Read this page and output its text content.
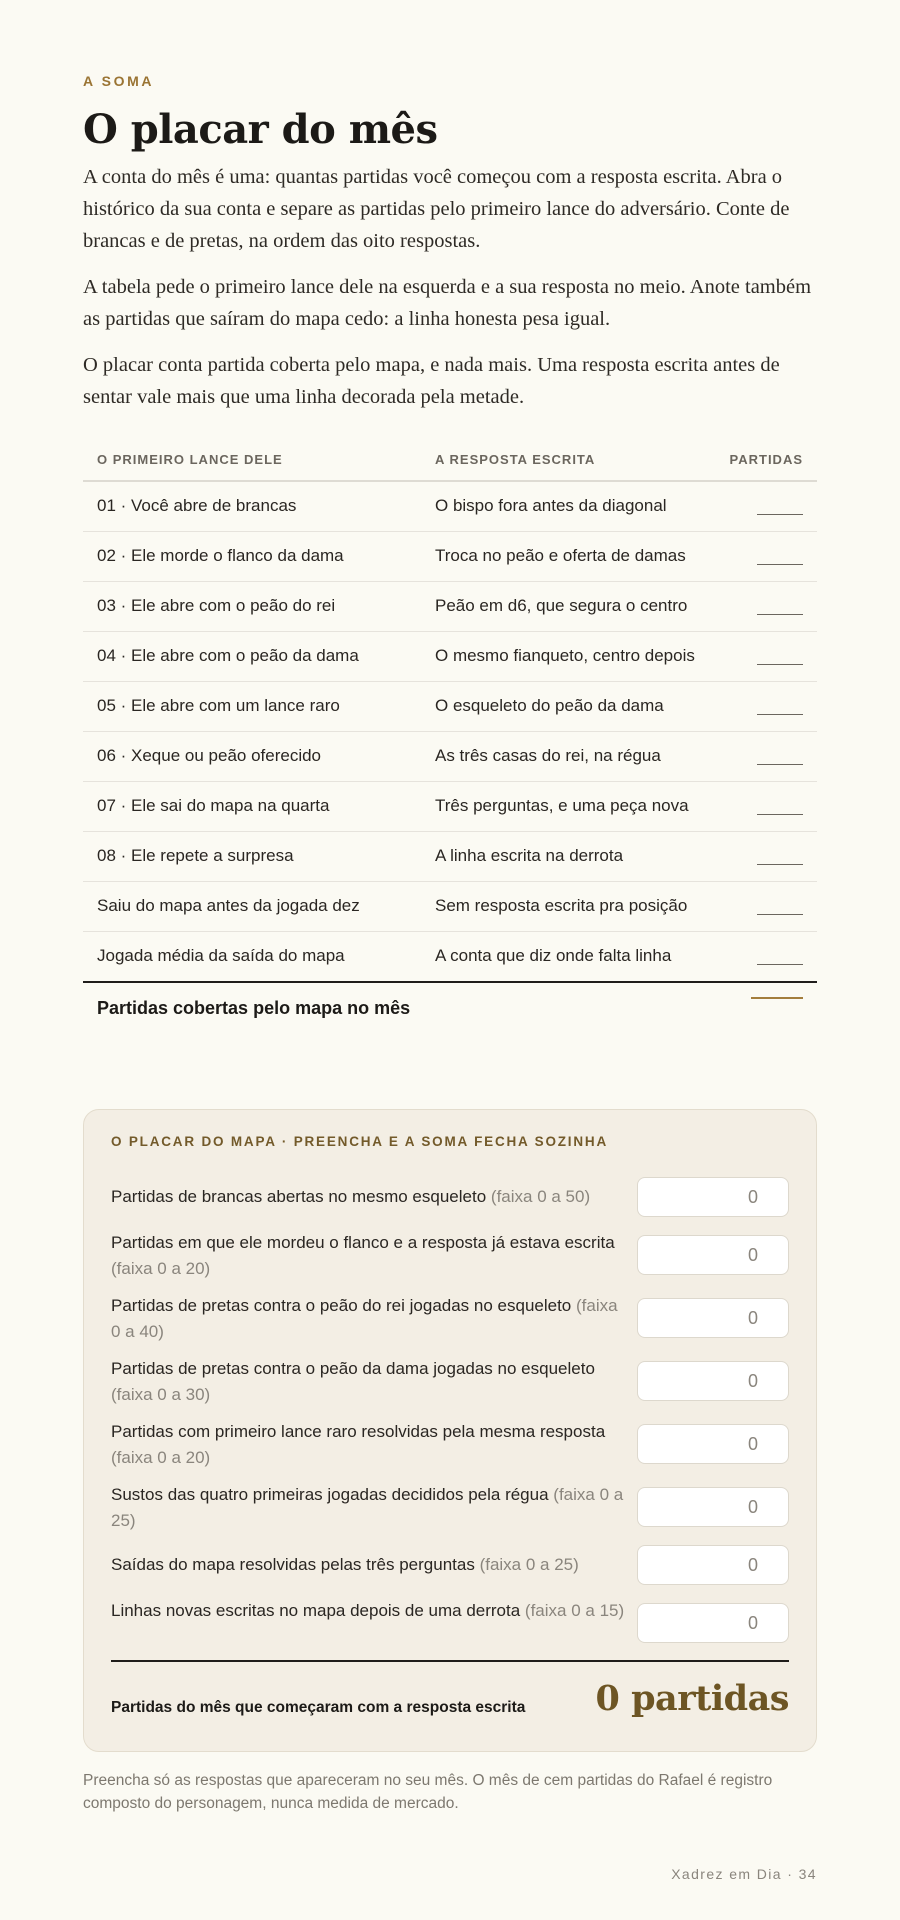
A SOMA
O placar do mês

A conta do mês é uma: quantas partidas você começou com a resposta escrita. Abra o histórico da sua conta e separe as partidas pelo primeiro lance do adversário. Conte de brancas e de pretas, na ordem das oito respostas.

A tabela pede o primeiro lance dele na esquerda e a sua resposta no meio. Anote também as partidas que saíram do mapa cedo: a linha honesta pesa igual.

O placar conta partida coberta pelo mapa, e nada mais. Uma resposta escrita antes de sentar vale mais que uma linha decorada pela metade.

O PRIMEIRO LANCE DELE	A RESPOSTA ESCRITA	PARTIDAS
01 · Você abre de brancas	O bispo fora antes da diagonal	
02 · Ele morde o flanco da dama	Troca no peão e oferta de damas	
03 · Ele abre com o peão do rei	Peão em d6, que segura o centro	
04 · Ele abre com o peão da dama	O mesmo fianqueto, centro depois	
05 · Ele abre com um lance raro	O esqueleto do peão da dama	
06 · Xeque ou peão oferecido	As três casas do rei, na régua	
07 · Ele sai do mapa na quarta	Três perguntas, e uma peça nova	
08 · Ele repete a surpresa	A linha escrita na derrota	
Saiu do mapa antes da jogada dez	Sem resposta escrita pra posição	
Jogada média da saída do mapa	A conta que diz onde falta linha	
Partidas cobertas pelo mapa no mês		
O PLACAR DO MAPA · PREENCHA E A SOMA FECHA SOZINHA
Partidas de brancas abertas no mesmo esqueleto (faixa 0 a 50)
0
Partidas em que ele mordeu o flanco e a resposta já estava escrita (faixa 0 a 20)
0
Partidas de pretas contra o peão do rei jogadas no esqueleto (faixa 0 a 40)
0
Partidas de pretas contra o peão da dama jogadas no esqueleto (faixa 0 a 30)
0
Partidas com primeiro lance raro resolvidas pela mesma resposta (faixa 0 a 20)
0
Sustos das quatro primeiras jogadas decididos pela régua (faixa 0 a 25)
0
Saídas do mapa resolvidas pelas três perguntas (faixa 0 a 25)
0
Linhas novas escritas no mapa depois de uma derrota (faixa 0 a 15)
0
Partidas do mês que começaram com a resposta escrita 0 partidas
Preencha só as respostas que apareceram no seu mês. O mês de cem partidas do Rafael é registro composto do personagem, nunca medida de mercado.
Xadrez em Dia · 34
